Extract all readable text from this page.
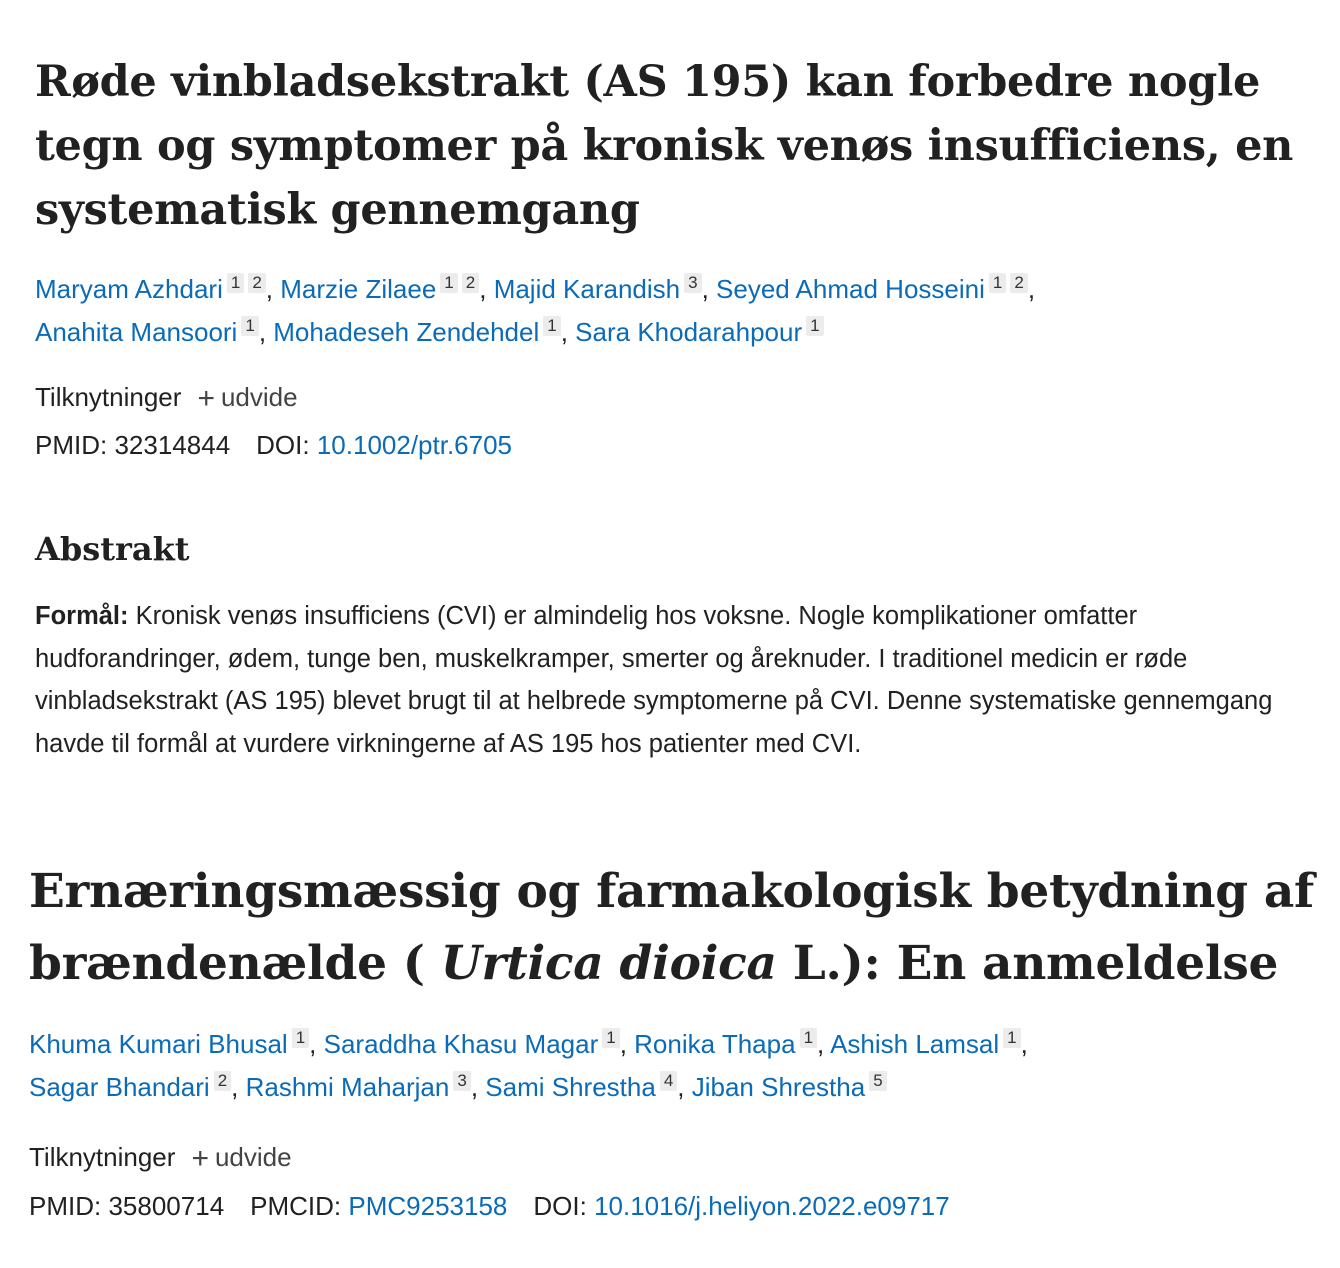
Røde vinbladsekstrakt (AS 195) kan forbedre nogle tegn og symptomer på kronisk venøs insufficiens, en systematisk gennemgang
Maryam Azhdari 1 2 , Marzie Zilaee 1 2 , Majid Karandish 3 , Seyed Ahmad Hosseini 1 2 ,
Anahita Mansoori 1 , Mohadeseh Zendehdel 1 , Sara Khodarahpour 1
Tilknytninger + udvide
PMID: 32314844 DOI: 10.1002/ptr.6705
Abstrakt

Formål: Kronisk venøs insufficiens (CVI) er almindelig hos voksne. Nogle komplikationer omfatter hudforandringer, ødem, tunge ben, muskelkramper, smerter og åreknuder. I traditionel medicin er røde vinbladsekstrakt (AS 195) blevet brugt til at helbrede symptomerne på CVI. Denne systematiske gennemgang havde til formål at vurdere virkningerne af AS 195 hos patienter med CVI.

Ernæringsmæssig og farmakologisk betydning af brændenælde ( Urtica dioica L.): En anmeldelse
Khuma Kumari Bhusal 1 , Saraddha Khasu Magar 1 , Ronika Thapa 1 , Ashish Lamsal 1 ,
Sagar Bhandari 2 , Rashmi Maharjan 3 , Sami Shrestha 4 , Jiban Shrestha 5
Tilknytninger + udvide
PMID: 35800714 PMCID: PMC9253158 DOI: 10.1016/j.heliyon.2022.e09717
